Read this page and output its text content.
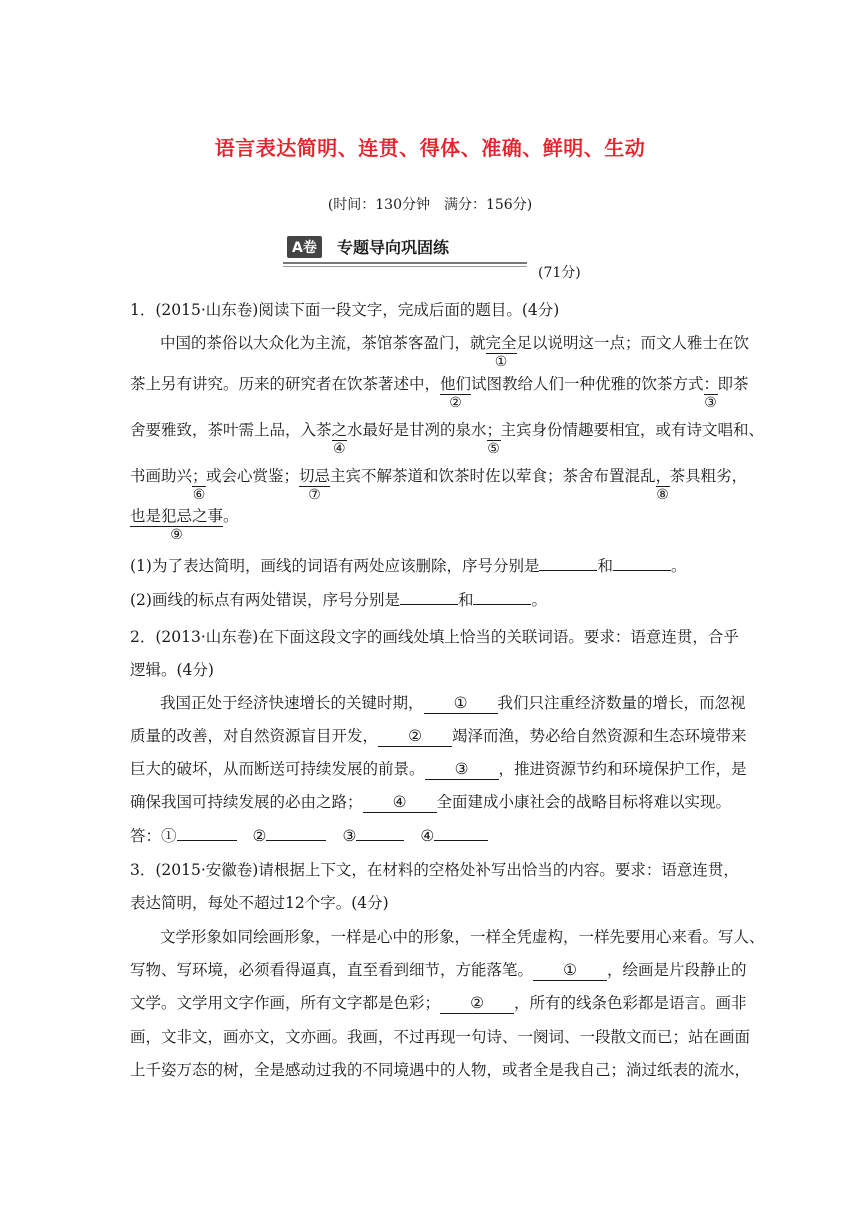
语言表达简明、连贯、得体、准确、鲜明、生动
(时间：130分钟　满分：156分)
A卷	专题导向巩固练
(71分)
1．(2015·山东卷)阅读下面一段文字，完成后面的题目。(4分)
中国的茶俗以大众化为主流，茶馆茶客盈门，就完全
①
足以说明这一点；而文人雅士在饮
茶上另有讲究。历来的研究者在饮茶著述中，他们
②
试图教给人们一种优雅的饮茶方式：
③
即茶
舍要雅致，茶叶需上品，入茶之
④
水最好是甘冽的泉水；
⑤
主宾身份情趣要相宜，或有诗文唱和、
书画助兴；
⑥
或会心赏鉴；切忌
⑦
主宾不解茶道和饮茶时佐以荤食；茶舍布置混乱，
⑧
茶具粗劣，
也是犯忌之事
⑨
。
(1)为了表达简明，画线的词语有两处应该删除，序号分别是	和	。
(2)画线的标点有两处错误，序号分别是	和	。
2．(2013·山东卷)在下面这段文字的画线处填上恰当的关联词语。要求：语意连贯，合乎
逻辑。(4分)
我国正处于经济快速增长的关键时期， ① 我们只注重经济数量的增长，而忽视
质量的改善，对自然资源盲目开发， ② 竭泽而渔，势必给自然资源和生态环境带来
巨大的破坏，从而断送可持续发展的前景。 ③ ，推进资源节约和环境保护工作，是
确保我国可持续发展的必由之路； ④ 全面建成小康社会的战略目标将难以实现。
答：①	②	③	④
3．(2015·安徽卷)请根据上下文，在材料的空格处补写出恰当的内容。要求：语意连贯，
表达简明，每处不超过12个字。(4分)
文学形象如同绘画形象，一样是心中的形象，一样全凭虚构，一样先要用心来看。写人、
写物、写环境，必须看得逼真，直至看到细节，方能落笔。 ① ，绘画是片段静止的
文学。文学用文字作画，所有文字都是色彩； ② ，所有的线条色彩都是语言。画非
画，文非文，画亦文，文亦画。我画，不过再现一句诗、一阕词、一段散文而已；站在画面
上千姿万态的树，全是感动过我的不同境遇中的人物，或者全是我自己；淌过纸表的流水，
